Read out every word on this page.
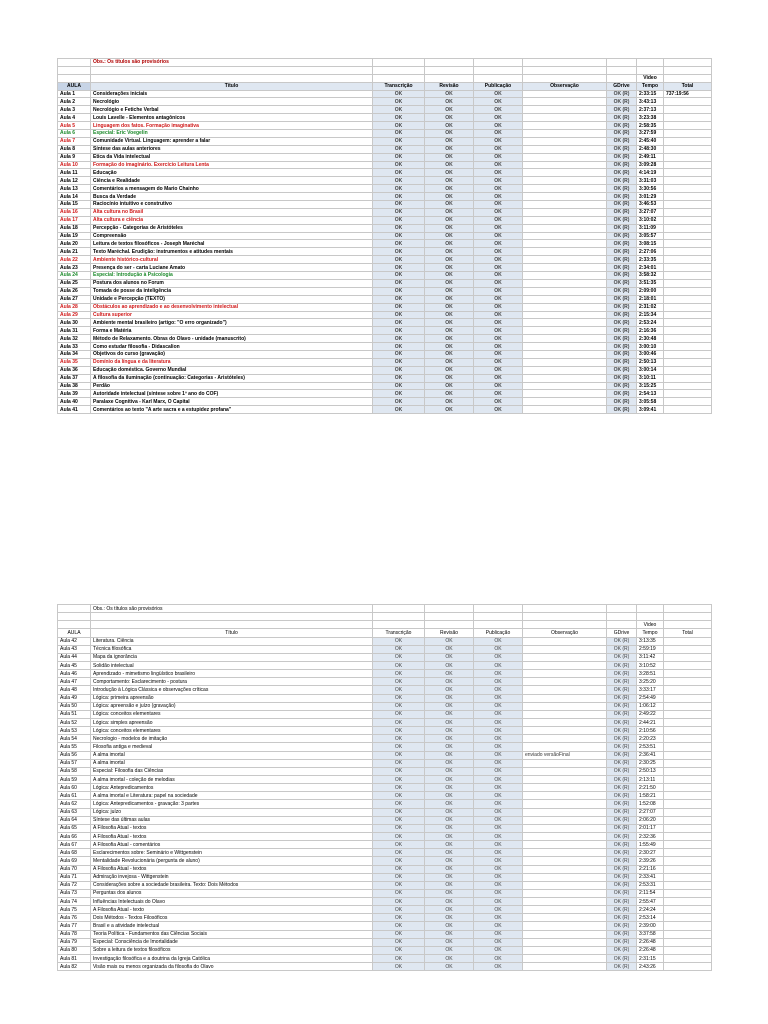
	Obs.: Os títulos são provisórios							

							Video	
AULA	Título	Transcrição	Revisão	Publicação	Observação	GDrive	Tempo	Total
Aula 1	Considerações iniciais	OK	OK	OK		OK (R)	2:33:15	737:19:56
Aula 2	Necrológio	OK	OK	OK		OK (R)	3:43:13	
Aula 3	Necrológio e Fetiche Verbal	OK	OK	OK		OK (R)	2:37:13	
Aula 4	Louis Lavelle - Elementos antagônicos	OK	OK	OK		OK (R)	3:23:38	
Aula 5	Linguagem dos fatos. Formação imaginativa	OK	OK	OK		OK (R)	2:58:35	
Aula 6	Especial: Eric Voegelin	OK	OK	OK		OK (R)	3:27:59	
Aula 7	Comunidade Virtual. Linguagem: aprender a falar	OK	OK	OK		OK (R)	2:45:40	
Aula 8	Síntese das aulas anteriores	OK	OK	OK		OK (R)	2:48:30	
Aula 9	Ética da Vida intelectual	OK	OK	OK		OK (R)	2:49:11	
Aula 10	Formação do imaginário. Exercício Leitura Lenta	OK	OK	OK		OK (R)	3:09:28	
Aula 11	Educação	OK	OK	OK		OK (R)	4:14:19	
Aula 12	Ciência e Realidade	OK	OK	OK		OK (R)	3:31:03	
Aula 13	Comentários a mensagem do Mario Chainho	OK	OK	OK		OK (R)	3:30:56	
Aula 14	Busca da Verdade	OK	OK	OK		OK (R)	3:01:29	
Aula 15	Raciocínio intuitivo e construtivo	OK	OK	OK		OK (R)	3:46:53	
Aula 16	Alta cultura no Brasil	OK	OK	OK		OK (R)	3:27:07	
Aula 17	Alta cultura e ciência	OK	OK	OK		OK (R)	3:10:02	
Aula 18	Percepção - Categorias de Aristóteles	OK	OK	OK		OK (R)	3:11:09	
Aula 19	Compreensão	OK	OK	OK		OK (R)	3:05:57	
Aula 20	Leitura de textos filosóficos - Joseph Maréchal	OK	OK	OK		OK (R)	3:08:15	
Aula 21	Texto Maréchal. Erudição: instrumentos e atitudes mentais	OK	OK	OK		OK (R)	2:27:06	
Aula 22	Ambiente histórico-cultural	OK	OK	OK		OK (R)	2:33:35	
Aula 23	Presença do ser - carta Luciane Amato	OK	OK	OK		OK (R)	2:34:01	
Aula 24	Especial: Introdução à Psicologia	OK	OK	OK		OK (R)	3:58:32	
Aula 25	Postura dos alunos no Forum	OK	OK	OK		OK (R)	3:51:35	
Aula 26	Tomada de posse da inteligência	OK	OK	OK		OK (R)	2:09:00	
Aula 27	Unidade e Percepção (TEXTO)	OK	OK	OK		OK (R)	2:18:01	
Aula 28	Obstáculos ao aprendizado e ao desenvolvimento intelectual	OK	OK	OK		OK (R)	2:31:02	
Aula 29	Cultura superior	OK	OK	OK		OK (R)	2:15:34	
Aula 30	Ambiente mental brasileiro (artigo: "O erro organizado")	OK	OK	OK		OK (R)	2:53:24	
Aula 31	Forma e Matéria	OK	OK	OK		OK (R)	2:16:36	
Aula 32	Método de Relaxamento. Obras do Olavo - unidade (manuscrito)	OK	OK	OK		OK (R)	2:30:48	
Aula 33	Como estudar filosofia - Didascalion	OK	OK	OK		OK (R)	3:00:10	
Aula 34	Objetivos do curso (gravação)	OK	OK	OK		OK (R)	3:00:46	
Aula 35	Domínio da língua e da literatura	OK	OK	OK		OK (R)	2:50:13	
Aula 36	Educação doméstica. Governo Mundial	OK	OK	OK		OK (R)	3:00:14	
Aula 37	A filosofia da iluminação (continuação: Categorias - Aristóteles)	OK	OK	OK		OK (R)	3:10:11	
Aula 38	Perdão	OK	OK	OK		OK (R)	3:15:25	
Aula 39	Autoridade intelectual (síntese sobre 1º ano do COF)	OK	OK	OK		OK (R)	2:54:13	
Aula 40	Paralaxe Cognitiva - Karl Marx, O Capital	OK	OK	OK		OK (R)	3:05:58	
Aula 41	Comentários ao texto "A arte sacra e a estupidez profana"	OK	OK	OK		OK (R)	3:09:41	
	Obs.: Os títulos são provisórios							

							Video	
AULA	Título	Transcrição	Revisão	Publicação	Observação	GDrive	Tempo	Total
Aula 42	Literatura. Ciência	OK	OK	OK		OK (R)	3:13:35	
Aula 43	Técnica filosófica	OK	OK	OK		OK (R)	2:59:19	
Aula 44	Mapa da ignorância	OK	OK	OK		OK (R)	3:11:42	
Aula 45	Solidão intelectual	OK	OK	OK		OK (R)	3:10:52	
Aula 46	Aprendizado - mimetismo lingüístico brasileiro	OK	OK	OK		OK (R)	3:28:51	
Aula 47	Comportamento: Esclarecimento - postura	OK	OK	OK		OK (R)	3:25:20	
Aula 48	Introdução à Lógica Clássica e observações críticas	OK	OK	OK		OK (R)	3:33:17	
Aula 49	Lógica: primeira apreensão	OK	OK	OK		OK (R)	2:54:49	
Aula 50	Lógica: apreensão e juízo (gravação)	OK	OK	OK		OK (R)	1:06:12	
Aula 51	Lógica: conceitos elementares	OK	OK	OK		OK (R)	2:49:22	
Aula 52	Lógica: simples apreensão	OK	OK	OK		OK (R)	2:44:21	
Aula 53	Lógica: conceitos elementares	OK	OK	OK		OK (R)	2:10:56	
Aula 54	Necrologio - modelos de imitação	OK	OK	OK		OK (R)	2:20:23	
Aula 55	Filosofia antiga e medieval	OK	OK	OK		OK (R)	2:53:51	
Aula 56	A alma imortal	OK	OK	OK	enviado versãoFinal	OK (R)	2:36:41	
Aula 57	A alma imortal	OK	OK	OK		OK (R)	2:30:25	
Aula 58	Especial: Filosofia das Ciências	OK	OK	OK		OK (R)	2:50:13	
Aula 59	A alma imortal - coleção de melodias	OK	OK	OK		OK (R)	2:13:11	
Aula 60	Lógica: Antepredicamentos	OK	OK	OK		OK (R)	2:21:50	
Aula 61	A alma imortal e Literatura: papel na sociedade	OK	OK	OK		OK (R)	1:58:21	
Aula 62	Lógica: Antepredicamentos - gravação: 3 partes	OK	OK	OK		OK (R)	1:52:08	
Aula 63	Lógica: juízo	OK	OK	OK		OK (R)	2:27:07	
Aula 64	Síntese das últimas aulas	OK	OK	OK		OK (R)	2:06:20	
Aula 65	A Filosofia Atual - textos	OK	OK	OK		OK (R)	2:01:17	
Aula 66	A Filosofia Atual - textos	OK	OK	OK		OK (R)	2:32:36	
Aula 67	A Filosofia Atual - comentários	OK	OK	OK		OK (R)	1:55:49	
Aula 68	Esclarecimentos sobre: Seminário e Wittgenstein	OK	OK	OK		OK (R)	2:30:27	
Aula 69	Mentalidade Revolucionária (pergunta de aluno)	OK	OK	OK		OK (R)	2:39:26	
Aula 70	A Filosofia Atual - textos	OK	OK	OK		OK (R)	2:21:16	
Aula 71	Admiração invejosa - Wittgenstein	OK	OK	OK		OK (R)	2:33:41	
Aula 72	Considerações sobre a sociedade brasileira. Texto: Dois Métodos	OK	OK	OK		OK (R)	2:53:31	
Aula 73	Perguntas dos alunos	OK	OK	OK		OK (R)	2:11:54	
Aula 74	Influências Intelectuais do Olavo	OK	OK	OK		OK (R)	2:55:47	
Aula 75	A Filosofia Atual - texto	OK	OK	OK		OK (R)	2:24:24	
Aula 76	Dois Métodos - Textos Filosóficos	OK	OK	OK		OK (R)	2:53:14	
Aula 77	Brasil e a atividade intelectual	OK	OK	OK		OK (R)	2:39:00	
Aula 78	Teoria Política - Fundamentos das Ciências Sociais	OK	OK	OK		OK (R)	3:37:58	
Aula 79	Especial: Consciência de Imortalidade	OK	OK	OK		OK (R)	2:26:48	
Aula 80	Sobre a leitura de textos filosóficos	OK	OK	OK		OK (R)	2:26:48	
Aula 81	Investigação filosófica e a doutrina da Igreja Católica	OK	OK	OK		OK (R)	2:31:15	
Aula 82	Visão mais ou menos organizada da filosofia do Olavo	OK	OK	OK		OK (R)	2:43:26	
